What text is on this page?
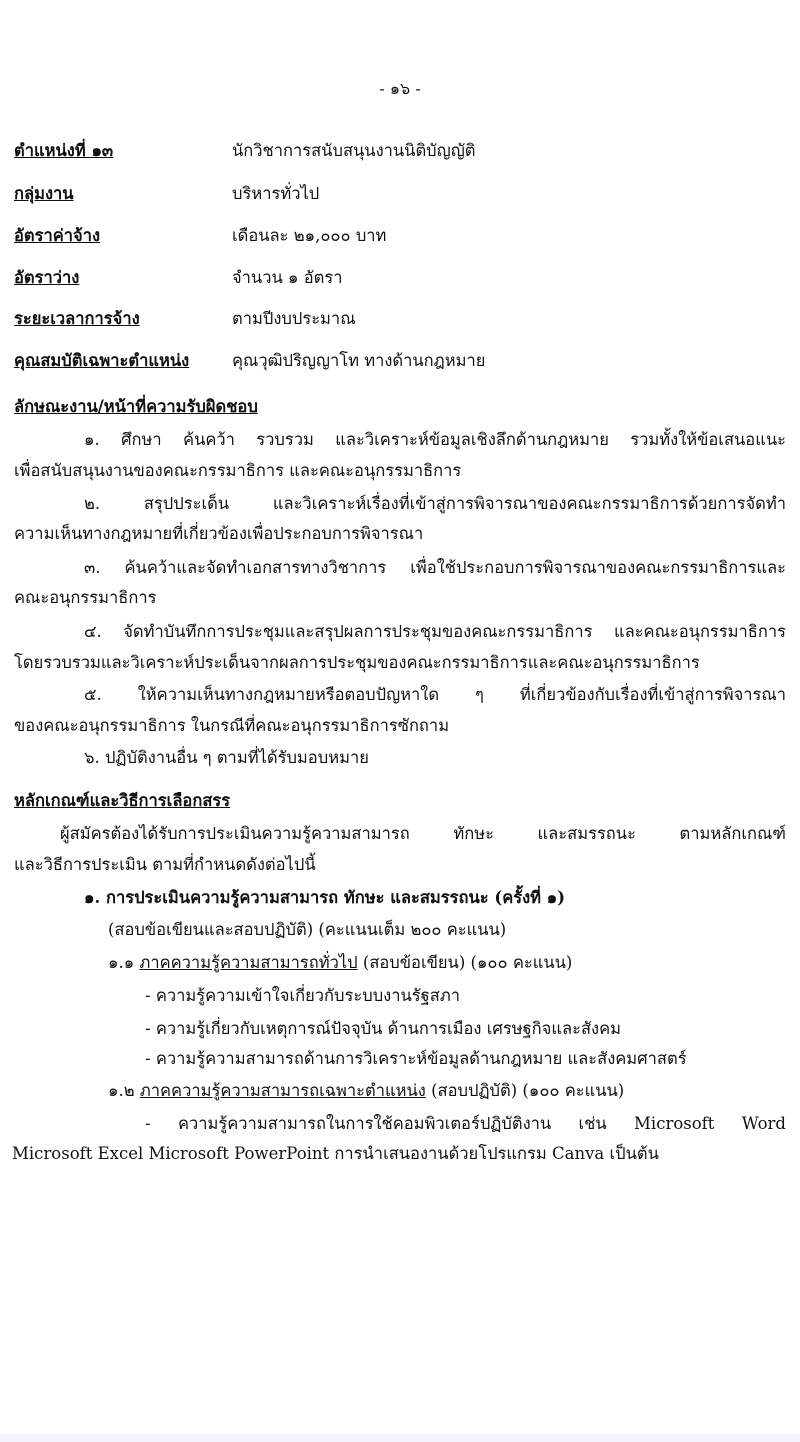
- ๑๖ -
ตำแหน่งที่ ๑๓	นักวิชาการสนับสนุนงานนิติบัญญัติ
กลุ่มงาน	บริหารทั่วไป
อัตราค่าจ้าง	เดือนละ ๒๑,๐๐๐ บาท
อัตราว่าง	จำนวน ๑ อัตรา
ระยะเวลาการจ้าง	ตามปีงบประมาณ
คุณสมบัติเฉพาะตำแหน่ง	คุณวุฒิปริญญาโท ทางด้านกฎหมาย
ลักษณะงาน/หน้าที่ความรับผิดชอบ
๑. ศึกษา ค้นคว้า รวบรวม และวิเคราะห์ข้อมูลเชิงลึกด้านกฎหมาย รวมทั้งให้ข้อเสนอแนะ
เพื่อสนับสนุนงานของคณะกรรมาธิการ และคณะอนุกรรมาธิการ
๒. สรุปประเด็น และวิเคราะห์เรื่องที่เข้าสู่การพิจารณาของคณะกรรมาธิการด้วยการจัดทำ
ความเห็นทางกฎหมายที่เกี่ยวข้องเพื่อประกอบการพิจารณา
๓. ค้นคว้าและจัดทำเอกสารทางวิชาการ เพื่อใช้ประกอบการพิจารณาของคณะกรรมาธิการและ
คณะอนุกรรมาธิการ
๔. จัดทำบันทึกการประชุมและสรุปผลการประชุมของคณะกรรมาธิการ และคณะอนุกรรมาธิการ
โดยรวบรวมและวิเคราะห์ประเด็นจากผลการประชุมของคณะกรรมาธิการและคณะอนุกรรมาธิการ
๕. ให้ความเห็นทางกฎหมายหรือตอบปัญหาใด ๆ ที่เกี่ยวข้องกับเรื่องที่เข้าสู่การพิจารณา
ของคณะอนุกรรมาธิการ ในกรณีที่คณะอนุกรรมาธิการซักถาม
๖. ปฏิบัติงานอื่น ๆ ตามที่ได้รับมอบหมาย
หลักเกณฑ์และวิธีการเลือกสรร
ผู้สมัครต้องได้รับการประเมินความรู้ความสามารถ ทักษะ และสมรรถนะ ตามหลักเกณฑ์
และวิธีการประเมิน ตามที่กำหนดดังต่อไปนี้
๑. การประเมินความรู้ความสามารถ ทักษะ และสมรรถนะ (ครั้งที่ ๑)
(สอบข้อเขียนและสอบปฏิบัติ) (คะแนนเต็ม ๒๐๐ คะแนน)
๑.๑ ภาคความรู้ความสามารถทั่วไป (สอบข้อเขียน) (๑๐๐ คะแนน)
- ความรู้ความเข้าใจเกี่ยวกับระบบงานรัฐสภา
- ความรู้เกี่ยวกับเหตุการณ์ปัจจุบัน ด้านการเมือง เศรษฐกิจและสังคม
- ความรู้ความสามารถด้านการวิเคราะห์ข้อมูลด้านกฎหมาย และสังคมศาสตร์
๑.๒ ภาคความรู้ความสามารถเฉพาะตำแหน่ง (สอบปฏิบัติ) (๑๐๐ คะแนน)
- ความรู้ความสามารถในการใช้คอมพิวเตอร์ปฏิบัติงาน เช่น Microsoft Word
Microsoft Excel Microsoft PowerPoint การนำเสนองานด้วยโปรแกรม Canva เป็นต้น
